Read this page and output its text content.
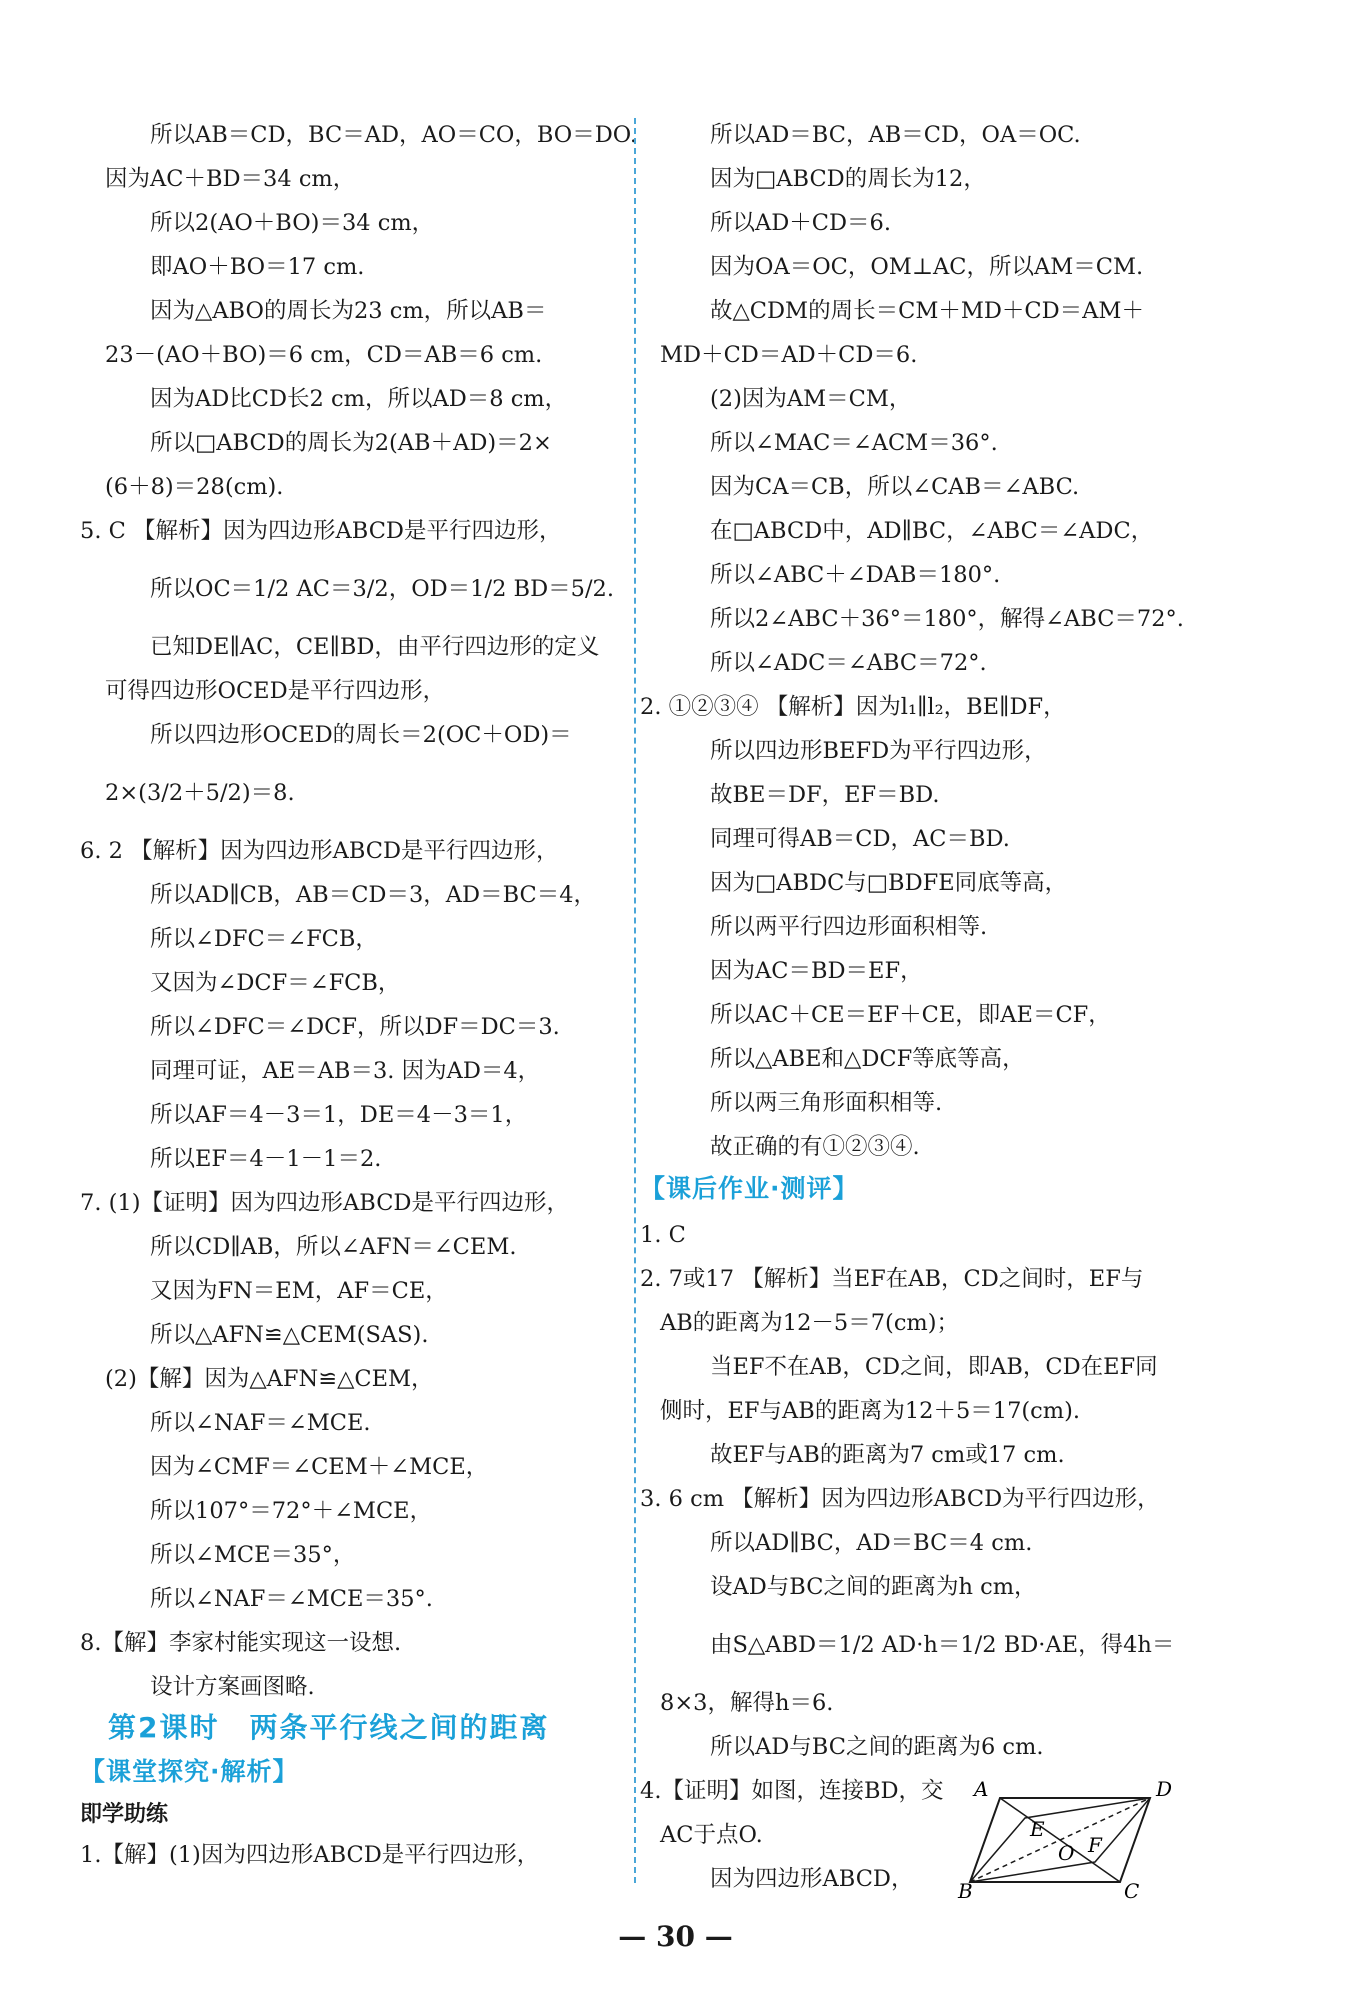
所以AB＝CD，BC＝AD，AO＝CO，BO＝DO.
因为AC＋BD＝34 cm，
所以2(AO＋BO)＝34 cm，
即AO＋BO＝17 cm.
因为△ABO的周长为23 cm，所以AB＝
23－(AO＋BO)＝6 cm，CD＝AB＝6 cm.
因为AD比CD长2 cm，所以AD＝8 cm，
所以□ABCD的周长为2(AB＋AD)＝2×
(6＋8)＝28(cm).
5. C 【解析】因为四边形ABCD是平行四边形，
所以OC＝1/2 AC＝3/2，OD＝1/2 BD＝5/2.
已知DE∥AC，CE∥BD，由平行四边形的定义
可得四边形OCED是平行四边形，
所以四边形OCED的周长＝2(OC＋OD)＝
2×(3/2＋5/2)＝8.
6. 2 【解析】因为四边形ABCD是平行四边形，
所以AD∥CB，AB＝CD＝3，AD＝BC＝4，
所以∠DFC＝∠FCB，
又因为∠DCF＝∠FCB，
所以∠DFC＝∠DCF，所以DF＝DC＝3.
同理可证，AE＝AB＝3. 因为AD＝4，
所以AF＝4－3＝1，DE＝4－3＝1，
所以EF＝4－1－1＝2.
7. (1)【证明】因为四边形ABCD是平行四边形，
所以CD∥AB，所以∠AFN＝∠CEM.
又因为FN＝EM，AF＝CE，
所以△AFN≌△CEM(SAS).
(2)【解】因为△AFN≌△CEM，
所以∠NAF＝∠MCE.
因为∠CMF＝∠CEM＋∠MCE，
所以107°＝72°＋∠MCE，
所以∠MCE＝35°，
所以∠NAF＝∠MCE＝35°.
8.【解】李家村能实现这一设想.
设计方案画图略.
第2课时　两条平行线之间的距离
【课堂探究·解析】
即学助练
1.【解】(1)因为四边形ABCD是平行四边形，
所以AD＝BC，AB＝CD，OA＝OC.
因为□ABCD的周长为12，
所以AD＋CD＝6.
因为OA＝OC，OM⊥AC，所以AM＝CM.
故△CDM的周长＝CM＋MD＋CD＝AM＋
MD＋CD＝AD＋CD＝6.
(2)因为AM＝CM，
所以∠MAC＝∠ACM＝36°.
因为CA＝CB，所以∠CAB＝∠ABC.
在□ABCD中，AD∥BC，∠ABC＝∠ADC，
所以∠ABC＋∠DAB＝180°.
所以2∠ABC＋36°＝180°，解得∠ABC＝72°.
所以∠ADC＝∠ABC＝72°.
2. ①②③④ 【解析】因为l₁∥l₂，BE∥DF，
所以四边形BEFD为平行四边形，
故BE＝DF，EF＝BD.
同理可得AB＝CD，AC＝BD.
因为□ABDC与□BDFE同底等高，
所以两平行四边形面积相等.
因为AC＝BD＝EF，
所以AC＋CE＝EF＋CE，即AE＝CF，
所以△ABE和△DCF等底等高，
所以两三角形面积相等.
故正确的有①②③④.
【课后作业·测评】
1. C
2. 7或17 【解析】当EF在AB，CD之间时，EF与
AB的距离为12－5＝7(cm)；
当EF不在AB，CD之间，即AB，CD在EF同
侧时，EF与AB的距离为12＋5＝17(cm).
故EF与AB的距离为7 cm或17 cm.
3. 6 cm 【解析】因为四边形ABCD为平行四边形，
所以AD∥BC，AD＝BC＝4 cm.
设AD与BC之间的距离为h cm，
由S△ABD＝1/2 AD·h＝1/2 BD·AE，得4h＝
8×3，解得h＝6.
所以AD与BC之间的距离为6 cm.
4.【证明】如图，连接BD，交
AC于点O.
因为四边形ABCD，
A	D
E
O F
B	C
— 30 —
